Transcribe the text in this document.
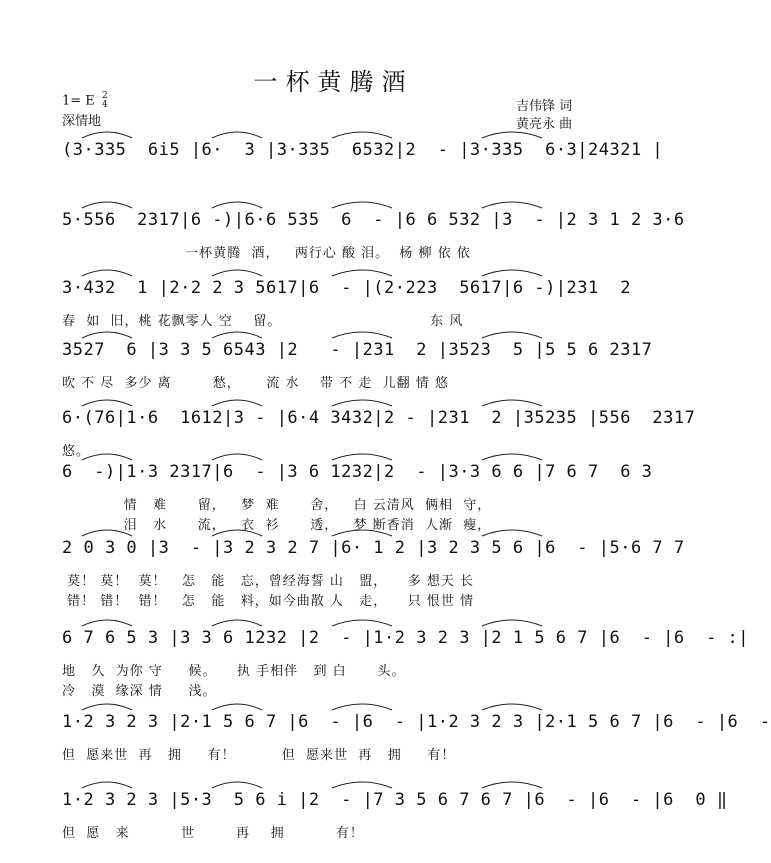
一杯黄腾酒
1= E 2
4
深情地
吉伟锋 词
黄亮永 曲
(3·335  6i5 |6·  3 |3·335  6532|2  - |3·335  6·3|24321 |
5·556  2317|6 -)|6·6 535  6  - |6 6 532 |3  - |2 3 1 2 3·6
一杯黄腾  酒，   两行心 酸 泪。  杨 柳 依 依
3·432  1 |2·2 2 3 5617|6  - |(2·223  5617|6 -)|231  2
春  如  旧，桃 花飘零人 空    留。                             东 风
3527  6 |3 3 5 6543 |2   - |231  2 |3523  5 |5 5 6 2317
吹 不 尽  多少 离        愁，     流 水    带 不 走  儿翻 情 悠
6·(76|1·6  1612|3 - |6·4 3432|2 - |231  2 |35235 |556  2317
悠。
6  -)|1·3 2317|6  - |3 6 1232|2  - |3·3 6 6 |7 6 7  6 3
情   难      留，   梦  难      舍，   白 云清风  俩相  守，
泪   水      流，   衣  衫      透，   梦 断香消  人渐  瘦，
2 0 3 0 |3  - |3 2 3 2 7 |6· 1 2 |3 2 3 5 6 |6  - |5·6 7 7
莫！ 莫！  莫！   怎   能   忘，曾经海誓 山   盟，    多 想天 长
错！ 错！  错！   怎   能   料，如今曲散 人   走，    只 恨世 情
6 7 6 5 3 |3 3 6 1232 |2  - |1·2 3 2 3 |2 1 5 6 7 |6  - |6  - :|
地   久  为你 守     候。    执 手相伴   到 白      头。
冷   漠  缘深 情     浅。
1·2 3 2 3 |2·1 5 6 7 |6  - |6  - |1·2 3 2 3 |2·1 5 6 7 |6  - |6  -
但  愿来世  再   拥     有！         但  愿来世  再   拥     有！
1·2 3 2 3 |5·3  5 6 i |2  - |7 3 5 6 7 6 7 |6  - |6  - |6  0 ‖
但  愿   来          世        再    拥          有！
